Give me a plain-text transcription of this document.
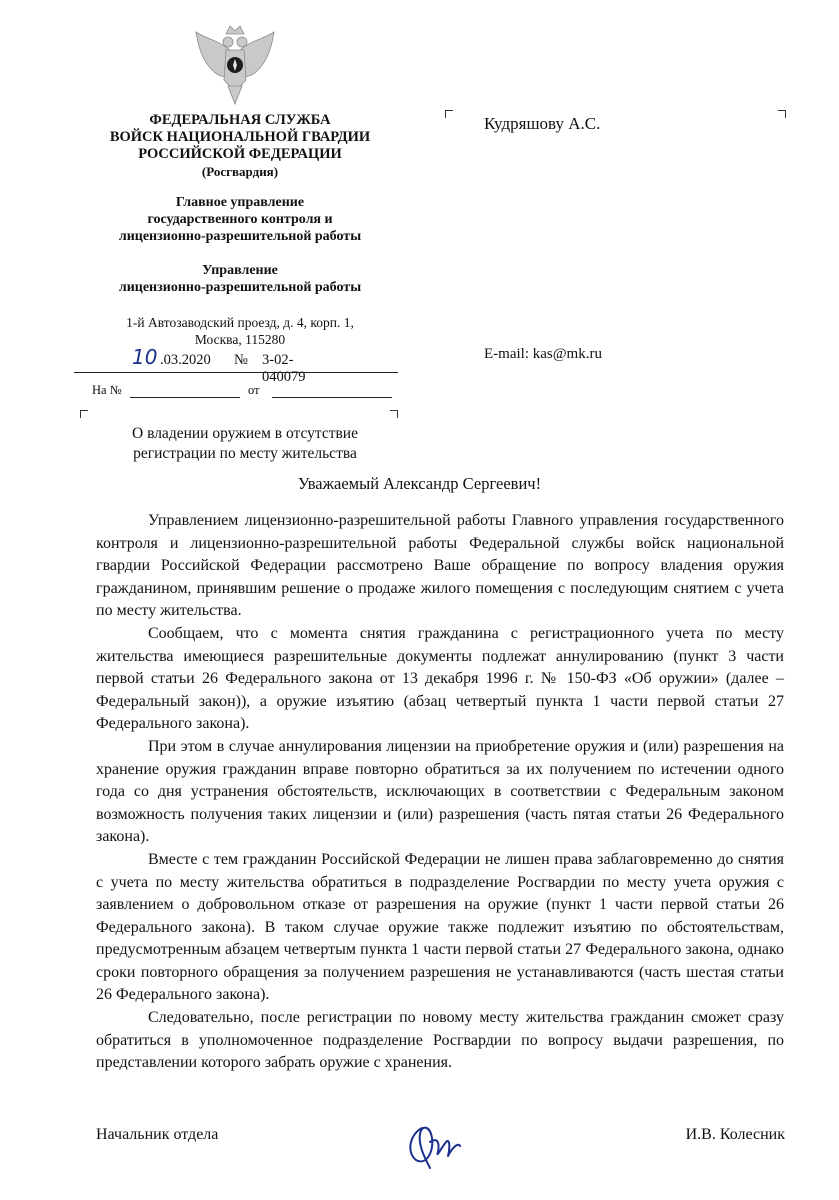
ФЕДЕРАЛЬНАЯ СЛУЖБА
ВОЙСК НАЦИОНАЛЬНОЙ ГВАРДИИ
РОССИЙСКОЙ ФЕДЕРАЦИИ
(Росгвардия)
Главное управление
государственного контроля и
лицензионно-разрешительной работы
Управление
лицензионно-разрешительной работы
1-й Автозаводский проезд, д. 4, корп. 1,
Москва, 115280
10 .03.2020 № 3-02-040079
На №	от
О владении оружием в отсутствие
регистрации по месту жительства
Кудряшову А.С.
E-mail: kas@mk.ru
Уважаемый Александр Сергеевич!

Управлением лицензионно-разрешительной работы Главного управления государственного контроля и лицензионно-разрешительной работы Федеральной службы войск национальной гвардии Российской Федерации рассмотрено Ваше обращение по вопросу владения оружия гражданином, принявшим решение о продаже жилого помещения с последующим снятием с учета по месту жительства.

Сообщаем, что с момента снятия гражданина с регистрационного учета по месту жительства имеющиеся разрешительные документы подлежат аннулированию (пункт 3 части первой статьи 26 Федерального закона от 13 декабря 1996 г. № 150-ФЗ «Об оружии» (далее – Федеральный закон)), а оружие изъятию (абзац четвертый пункта 1 части первой статьи 27 Федерального закона).

При этом в случае аннулирования лицензии на приобретение оружия и (или) разрешения на хранение оружия гражданин вправе повторно обратиться за их получением по истечении одного года со дня устранения обстоятельств, исключающих в соответствии с Федеральным законом возможность получения таких лицензии и (или) разрешения (часть пятая статьи 26 Федерального закона).

Вместе с тем гражданин Российской Федерации не лишен права заблаговременно до снятия с учета по месту жительства обратиться в подразделение Росгвардии по месту учета оружия с заявлением о добровольном отказе от разрешения на оружие (пункт 1 части первой статьи 26 Федерального закона). В таком случае оружие также подлежит изъятию по обстоятельствам, предусмотренным абзацем четвертым пункта 1 части первой статьи 27 Федерального закона, однако сроки повторного обращения за получением разрешения не устанавливаются (часть шестая статьи 26 Федерального закона).

Следовательно, после регистрации по новому месту жительства гражданин сможет сразу обратиться в уполномоченное подразделение Росгвардии по вопросу выдачи разрешения, по представлении которого забрать оружие с хранения.

Начальник отдела	И.В. Колесник
